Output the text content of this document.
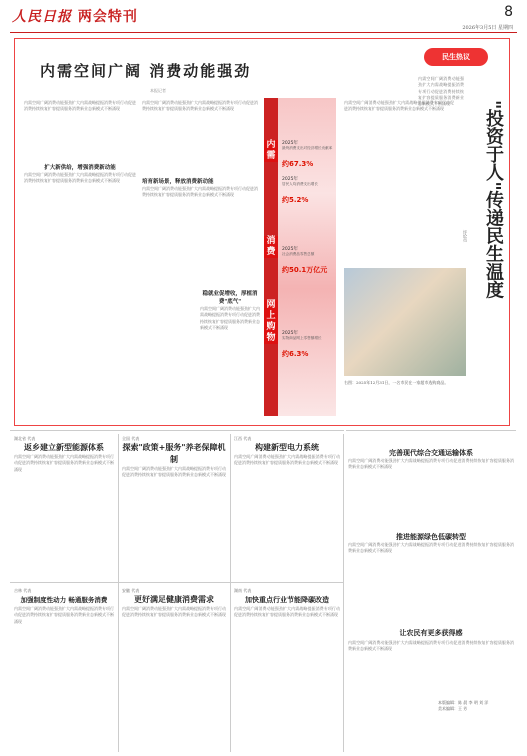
人民日报 两会特刊	8
2026年3月5日 星期四
内需空间广阔 消费动能强劲
本报记者
内需空间广阔消费动能强劲扩大内需战略提振消费专项行动促进消费持续恢复扩容提质服务消费新业态新模式不断涌现
扩大新供给，增强消费新动能
内需空间广阔消费动能强劲扩大内需战略提振消费专项行动促进消费持续恢复扩容提质服务消费新业态新模式不断涌现
内需空间广阔消费动能强劲扩大内需战略提振消费专项行动促进消费持续恢复扩容提质服务消费新业态新模式不断涌现
培育新场景，释放消费新动能
内需空间广阔消费动能强劲扩大内需战略提振消费专项行动促进消费持续恢复扩容提质服务消费新业态新模式不断涌现
稳就业促增收，厚植消费"底气"
内需空间广阔消费动能强劲扩大内需战略提振消费专项行动促进消费持续恢复扩容提质服务消费新业态新模式不断涌现
内需
消费
网上购物
2025年
最终消费支出对经济增长贡献率
约67.3%
2025年
居民人均消费支出增长
约5.2%
2025年
社会消费品零售总额
约50.1万亿元
2025年
实物商品网上零售额增长
约6.3%
右图：2025年12月31日，一名市民在一家超市选购商品。
内需空间广阔消费动能强劲扩大内需战略提振消费专项行动促进消费持续恢复扩容提质服务消费新业态新模式不断涌现
民生热议
内需空间广阔消费动能强劲扩大内需战略提振消费专项行动促进消费持续恢复扩容提质服务消费新业态新模式不断涌现
"投资于人"传递民生温度
评论员
完善现代综合交通运输体系
内需空间广阔消费动能强劲扩大内需战略提振消费专项行动促进消费持续恢复扩容提质服务消费新业态新模式不断涌现
推进能源绿色低碳转型
内需空间广阔消费动能强劲扩大内需战略提振消费专项行动促进消费持续恢复扩容提质服务消费新业态新模式不断涌现
让农民有更多获得感
内需空间广阔消费动能强劲扩大内需战略提振消费专项行动促进消费持续恢复扩容提质服务消费新业态新模式不断涌现
本版编辑：陈 晨 李 明 刘 洋
美术编辑：王 芳
湖北省 代表
返乡建立新型能源体系
内需空间广阔消费动能强劲扩大内需战略提振消费专项行动促进消费持续恢复扩容提质服务消费新业态新模式不断涌现
全国 代表
探索"政策+服务"养老保障机制
内需空间广阔消费动能强劲扩大内需战略提振消费专项行动促进消费持续恢复扩容提质服务消费新业态新模式不断涌现
江西 代表
构建新型电力系统
内需空间广阔消费动能强劲扩大内需战略提振消费专项行动促进消费持续恢复扩容提质服务消费新业态新模式不断涌现
吉林 代表
加强制度性动力 畅通服务消费
内需空间广阔消费动能强劲扩大内需战略提振消费专项行动促进消费持续恢复扩容提质服务消费新业态新模式不断涌现
安徽 代表
更好满足健康消费需求
内需空间广阔消费动能强劲扩大内需战略提振消费专项行动促进消费持续恢复扩容提质服务消费新业态新模式不断涌现
湖南 代表
加快重点行业节能降碳改造
内需空间广阔消费动能强劲扩大内需战略提振消费专项行动促进消费持续恢复扩容提质服务消费新业态新模式不断涌现
